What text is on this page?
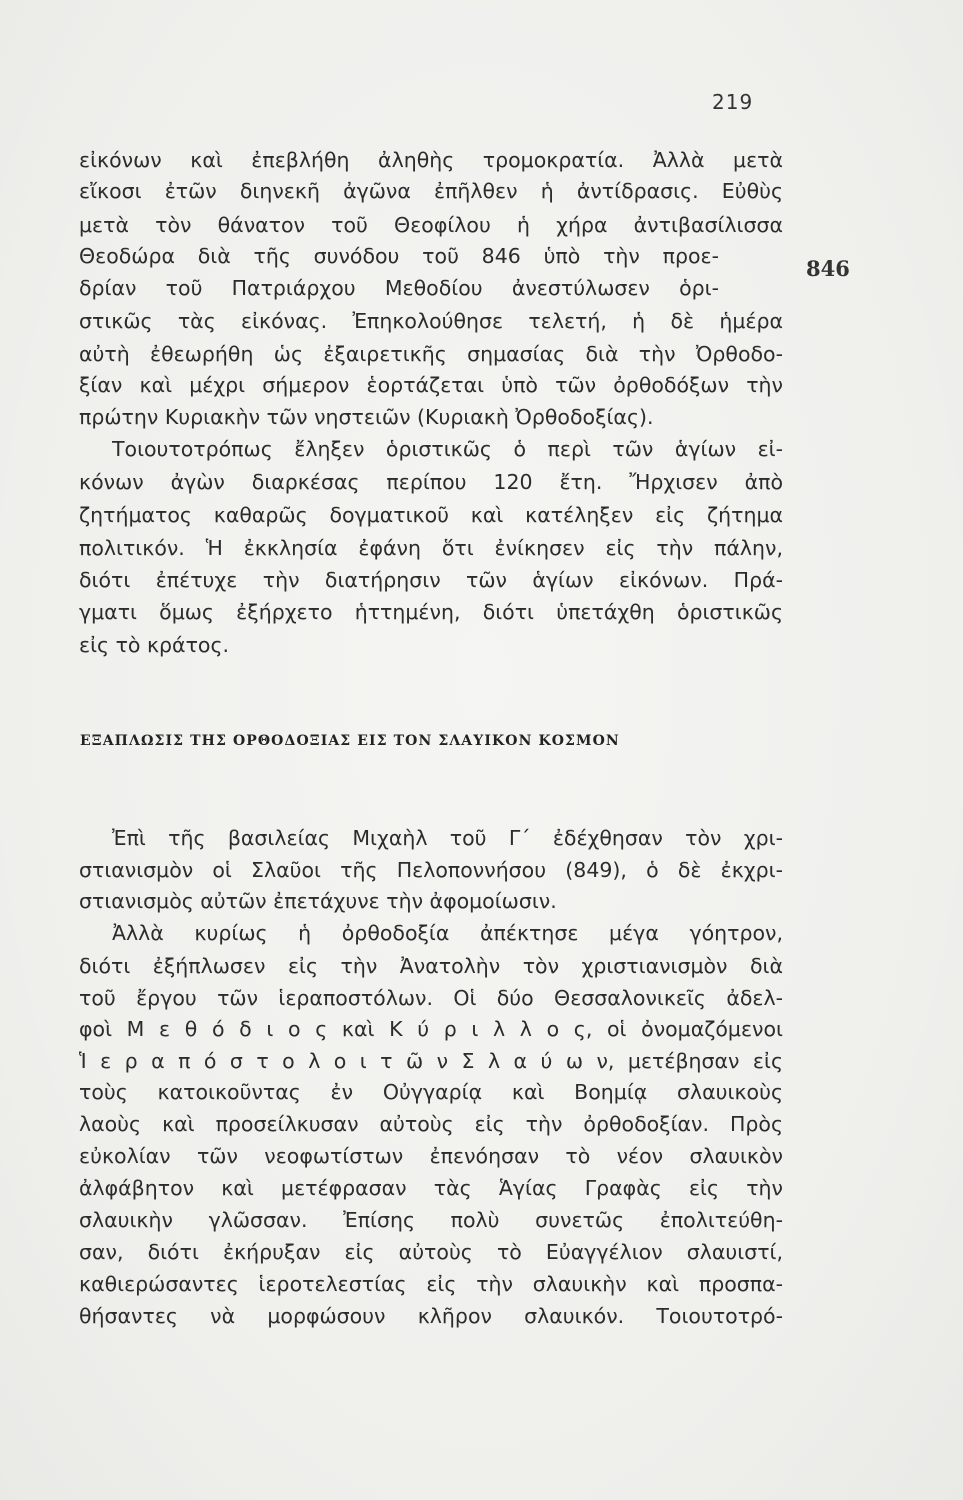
219
846
εἰκόνων καὶ ἐπεβλήθη ἀληθὴς τρομοκρατία. Ἀλλὰ μετὰ
εἴκοσι ἐτῶν διηνεκῆ ἀγῶνα ἐπῆλθεν ἡ ἀντίδρασις. Εὐθὺς
μετὰ τὸν θάνατον τοῦ Θεοφίλου ἡ χήρα ἀντιβασίλισσα
Θεοδώρα διὰ τῆς συνόδου τοῦ 846 ὑπὸ τὴν προε-
δρίαν τοῦ Πατριάρχου Μεθοδίου ἀνεστύλωσεν ὁρι-
στικῶς τὰς εἰκόνας. Ἐπηκολούθησε τελετή, ἡ δὲ ἡμέρα
αὐτὴ ἐθεωρήθη ὡς ἐξαιρετικῆς σημασίας διὰ τὴν Ὀρθοδο-
ξίαν καὶ μέχρι σήμερον ἑορτάζεται ὑπὸ τῶν ὀρθοδόξων τὴν
πρώτην Κυριακὴν τῶν νηστειῶν (Κυριακὴ Ὀρθοδοξίας).
Τοιουτοτρόπως ἔληξεν ὁριστικῶς ὁ περὶ τῶν ἁγίων εἰ-
κόνων ἀγὼν διαρκέσας περίπου 120 ἔτη. Ἤρχισεν ἀπὸ
ζητήματος καθαρῶς δογματικοῦ καὶ κατέληξεν εἰς ζήτημα
πολιτικόν. Ἡ ἐκκλησία ἐφάνη ὅτι ἐνίκησεν εἰς τὴν πάλην,
διότι ἐπέτυχε τὴν διατήρησιν τῶν ἁγίων εἰκόνων. Πρά-
γματι ὅμως ἐξήρχετο ἡττημένη, διότι ὑπετάχθη ὁριστικῶς
εἰς τὸ κράτος.
ΕΞΑΠΛΩΣΙΣ ΤΗΣ ΟΡΘΟΔΟΞΙΑΣ ΕΙΣ ΤΟΝ ΣΛΑΥΙΚΟΝ ΚΟΣΜΟΝ
Ἐπὶ τῆς βασιλείας Μιχαὴλ τοῦ Γ´ ἐδέχθησαν τὸν χρι-
στιανισμὸν οἱ Σλαῦοι τῆς Πελοποννήσου (849), ὁ δὲ ἐκχρι-
στιανισμὸς αὐτῶν ἐπετάχυνε τὴν ἀφομοίωσιν.
Ἀλλὰ κυρίως ἡ ὀρθοδοξία ἀπέκτησε μέγα γόητρον,
διότι ἐξήπλωσεν εἰς τὴν Ἀνατολὴν τὸν χριστιανισμὸν διὰ
τοῦ ἔργου τῶν ἱεραποστόλων. Οἱ δύο Θεσσαλονικεῖς ἀδελ-
φοὶ Μ ε θ ό δ ι ο ς καὶ Κ ύ ρ ι λ λ ο ς, οἱ ὀνομαζόμενοι
Ἱ ε ρ α π ό σ τ ο λ ο ι τ ῶ ν Σ λ α ύ ω ν, μετέβησαν εἰς
τοὺς κατοικοῦντας ἐν Οὐγγαρίᾳ καὶ Βοημίᾳ σλαυικοὺς
λαοὺς καὶ προσείλκυσαν αὐτοὺς εἰς τὴν ὀρθοδοξίαν. Πρὸς
εὐκολίαν τῶν νεοφωτίστων ἐπενόησαν τὸ νέον σλαυικὸν
ἀλφάβητον καὶ μετέφρασαν τὰς Ἁγίας Γραφὰς εἰς τὴν
σλαυικὴν γλῶσσαν. Ἐπίσης πολὺ συνετῶς ἐπολιτεύθη-
σαν, διότι ἐκήρυξαν εἰς αὐτοὺς τὸ Εὐαγγέλιον σλαυιστί,
καθιερώσαντες ἱεροτελεστίας εἰς τὴν σλαυικὴν καὶ προσπα-
θήσαντες νὰ μορφώσουν κλῆρον σλαυικόν. Τοιουτοτρό-
